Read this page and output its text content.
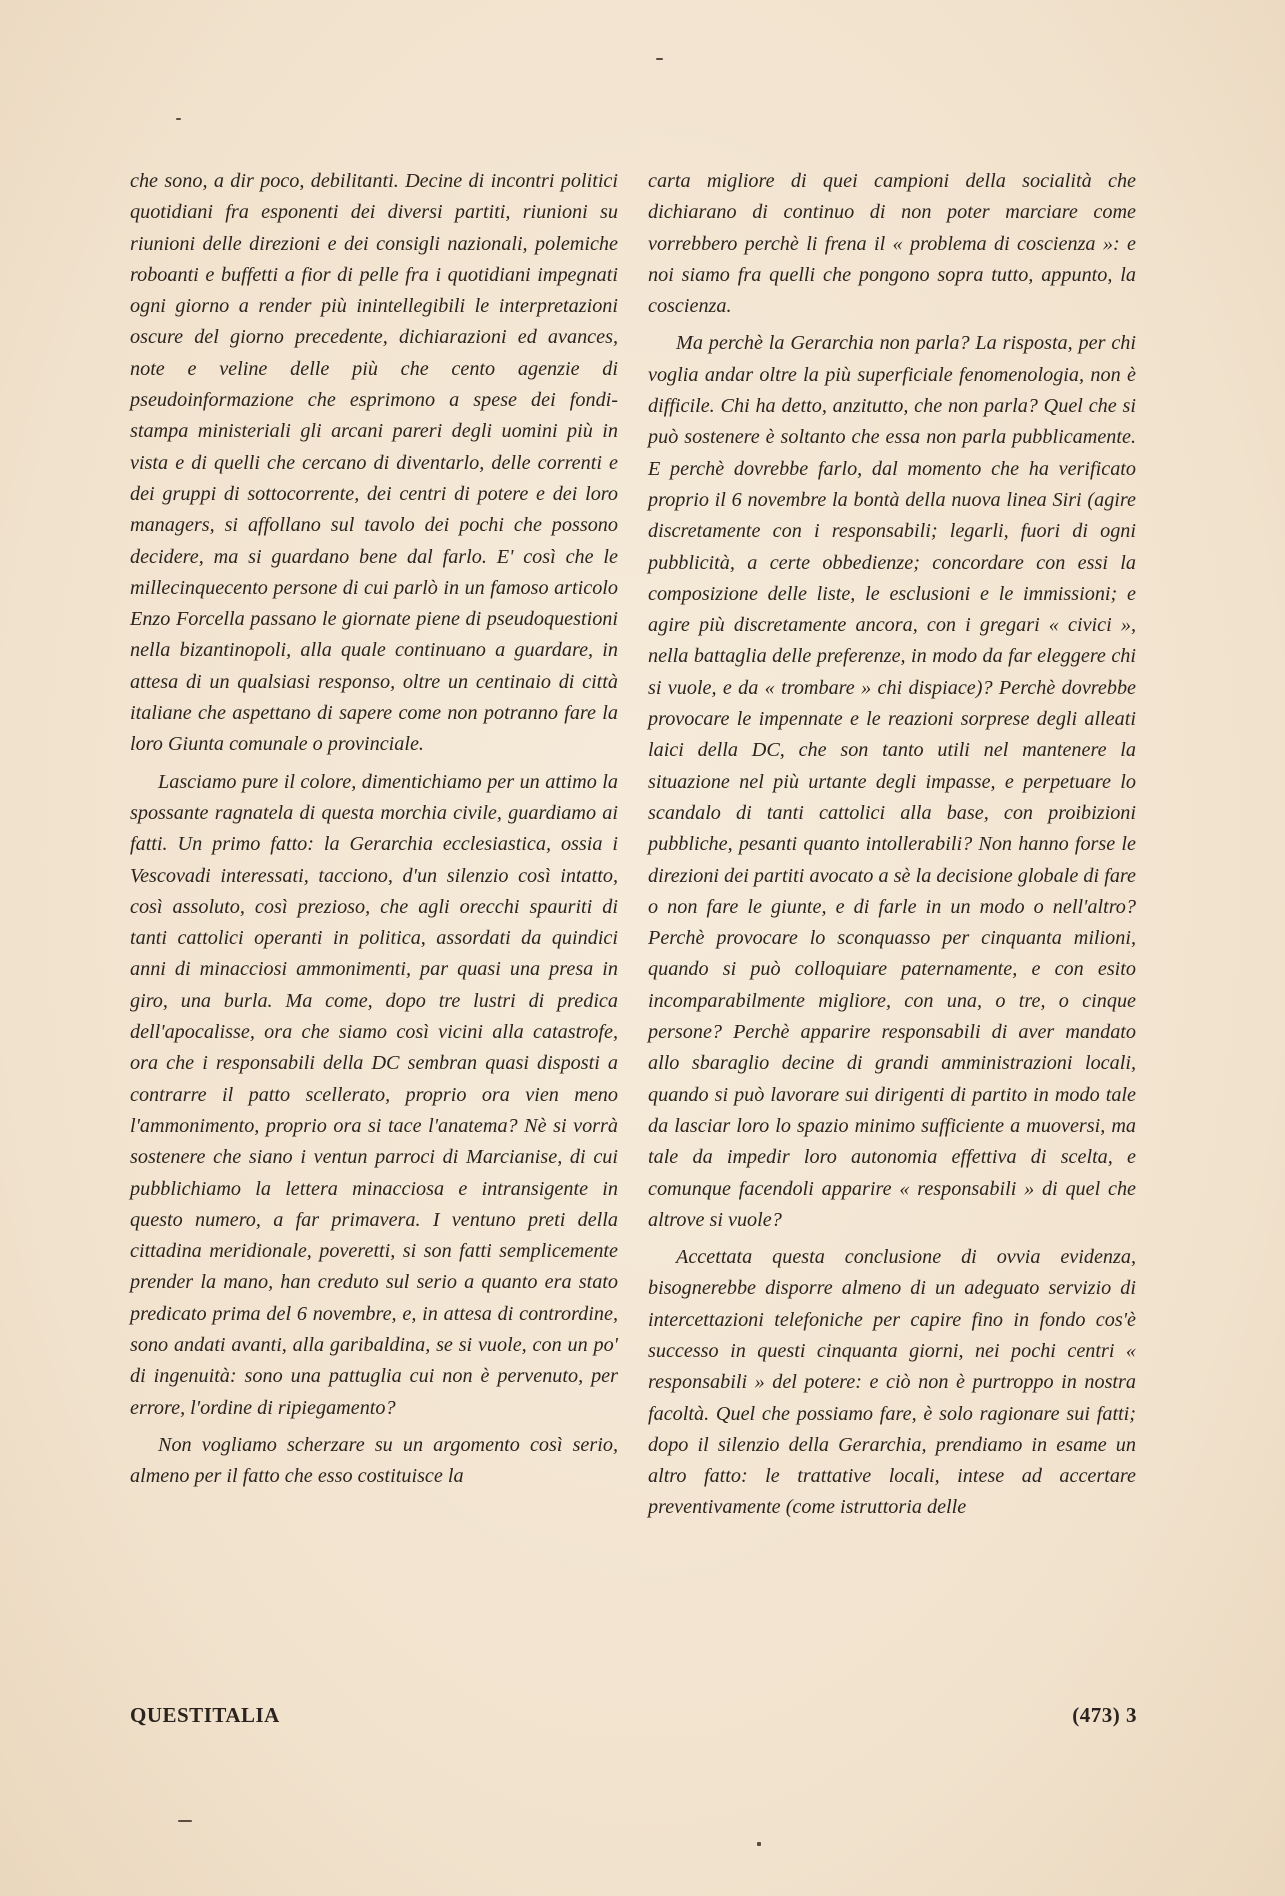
che sono, a dir poco, debilitanti. Decine di incontri politici quotidiani fra esponenti dei diversi partiti, riunioni su riunioni delle direzioni e dei consigli nazionali, polemiche roboanti e buffetti a fior di pelle fra i quotidiani impegnati ogni giorno a render più inintellegibili le interpretazioni oscure del giorno precedente, dichiarazioni ed avances, note e veline delle più che cento agenzie di pseudoinformazione che esprimono a spese dei fondi-stampa ministeriali gli arcani pareri degli uomini più in vista e di quelli che cercano di diventarlo, delle correnti e dei gruppi di sottocorrente, dei centri di potere e dei loro managers, si affollano sul tavolo dei pochi che possono decidere, ma si guardano bene dal farlo. E' così che le millecinquecento persone di cui parlò in un famoso articolo Enzo Forcella passano le giornate piene di pseudoquestioni nella bizantinopoli, alla quale continuano a guardare, in attesa di un qualsiasi responso, oltre un centinaio di città italiane che aspettano di sapere come non potranno fare la loro Giunta comunale o provinciale.

Lasciamo pure il colore, dimentichiamo per un attimo la spossante ragnatela di questa morchia civile, guardiamo ai fatti. Un primo fatto: la Gerarchia ecclesiastica, ossia i Vescovadi interessati, tacciono, d'un silenzio così intatto, così assoluto, così prezioso, che agli orecchi spauriti di tanti cattolici operanti in politica, assordati da quindici anni di minacciosi ammonimenti, par quasi una presa in giro, una burla. Ma come, dopo tre lustri di predica dell'apocalisse, ora che siamo così vicini alla catastrofe, ora che i responsabili della DC sembran quasi disposti a contrarre il patto scellerato, proprio ora vien meno l'ammonimento, proprio ora si tace l'anatema? Nè si vorrà sostenere che siano i ventun parroci di Marcianise, di cui pubblichiamo la lettera minacciosa e intransigente in questo numero, a far primavera. I ventuno preti della cittadina meridionale, poveretti, si son fatti semplicemente prender la mano, han creduto sul serio a quanto era stato predicato prima del 6 novembre, e, in attesa di contrordine, sono andati avanti, alla garibaldina, se si vuole, con un po' di ingenuità: sono una pattuglia cui non è pervenuto, per errore, l'ordine di ripiegamento?

Non vogliamo scherzare su un argomento così serio, almeno per il fatto che esso costituisce la

carta migliore di quei campioni della socialità che dichiarano di continuo di non poter marciare come vorrebbero perchè li frena il « problema di coscienza »: e noi siamo fra quelli che pongono sopra tutto, appunto, la coscienza.

Ma perchè la Gerarchia non parla? La risposta, per chi voglia andar oltre la più superficiale fenomenologia, non è difficile. Chi ha detto, anzitutto, che non parla? Quel che si può sostenere è soltanto che essa non parla pubblicamente. E perchè dovrebbe farlo, dal momento che ha verificato proprio il 6 novembre la bontà della nuova linea Siri (agire discretamente con i responsabili; legarli, fuori di ogni pubblicità, a certe obbedienze; concordare con essi la composizione delle liste, le esclusioni e le immissioni; e agire più discretamente ancora, con i gregari « civici », nella battaglia delle preferenze, in modo da far eleggere chi si vuole, e da « trombare » chi dispiace)? Perchè dovrebbe provocare le impennate e le reazioni sorprese degli alleati laici della DC, che son tanto utili nel mantenere la situazione nel più urtante degli impasse, e perpetuare lo scandalo di tanti cattolici alla base, con proibizioni pubbliche, pesanti quanto intollerabili? Non hanno forse le direzioni dei partiti avocato a sè la decisione globale di fare o non fare le giunte, e di farle in un modo o nell'altro? Perchè provocare lo sconquasso per cinquanta milioni, quando si può colloquiare paternamente, e con esito incomparabilmente migliore, con una, o tre, o cinque persone? Perchè apparire responsabili di aver mandato allo sbaraglio decine di grandi amministrazioni locali, quando si può lavorare sui dirigenti di partito in modo tale da lasciar loro lo spazio minimo sufficiente a muoversi, ma tale da impedir loro autonomia effettiva di scelta, e comunque facendoli apparire « responsabili » di quel che altrove si vuole?

Accettata questa conclusione di ovvia evidenza, bisognerebbe disporre almeno di un adeguato servizio di intercettazioni telefoniche per capire fino in fondo cos'è successo in questi cinquanta giorni, nei pochi centri « responsabili » del potere: e ciò non è purtroppo in nostra facoltà. Quel che possiamo fare, è solo ragionare sui fatti; dopo il silenzio della Gerarchia, prendiamo in esame un altro fatto: le trattative locali, intese ad accertare preventivamente (come istruttoria delle

QUESTITALIA	(473) 3
